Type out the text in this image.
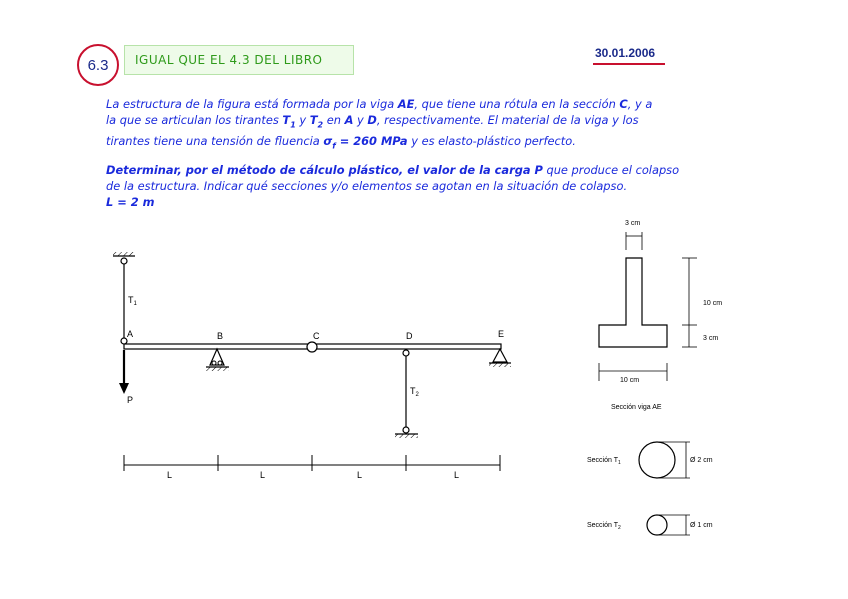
6.3	IGUAL QUE EL 4.3 DEL LIBRO	30.01.2006
La estructura de la figura está formada por la viga AE, que tiene una rótula en la sección C, y a
la que se articulan los tirantes $T_1$ y $T_2$ en A y D, respectivamente. El material de la viga y los
tirantes tiene una tensión de fluencia $\sigma_f = 260$ MPa y es elasto-plástico perfecto.
Determinar, por el método de cálculo plástico, el valor de la carga P que produce el colapso
de la estructura. Indicar qué secciones y/o elementos se agotan en la situación de colapso.
L = 2 m
$T_1$
P
A	B	C	D
$T_2$
E
L	L	L	L
3 cm
10 cm
3 cm
10 cm
Sección viga AE
Sección $T_1$	Ø 2 cm
Sección $T_2$	Ø 1 cm
